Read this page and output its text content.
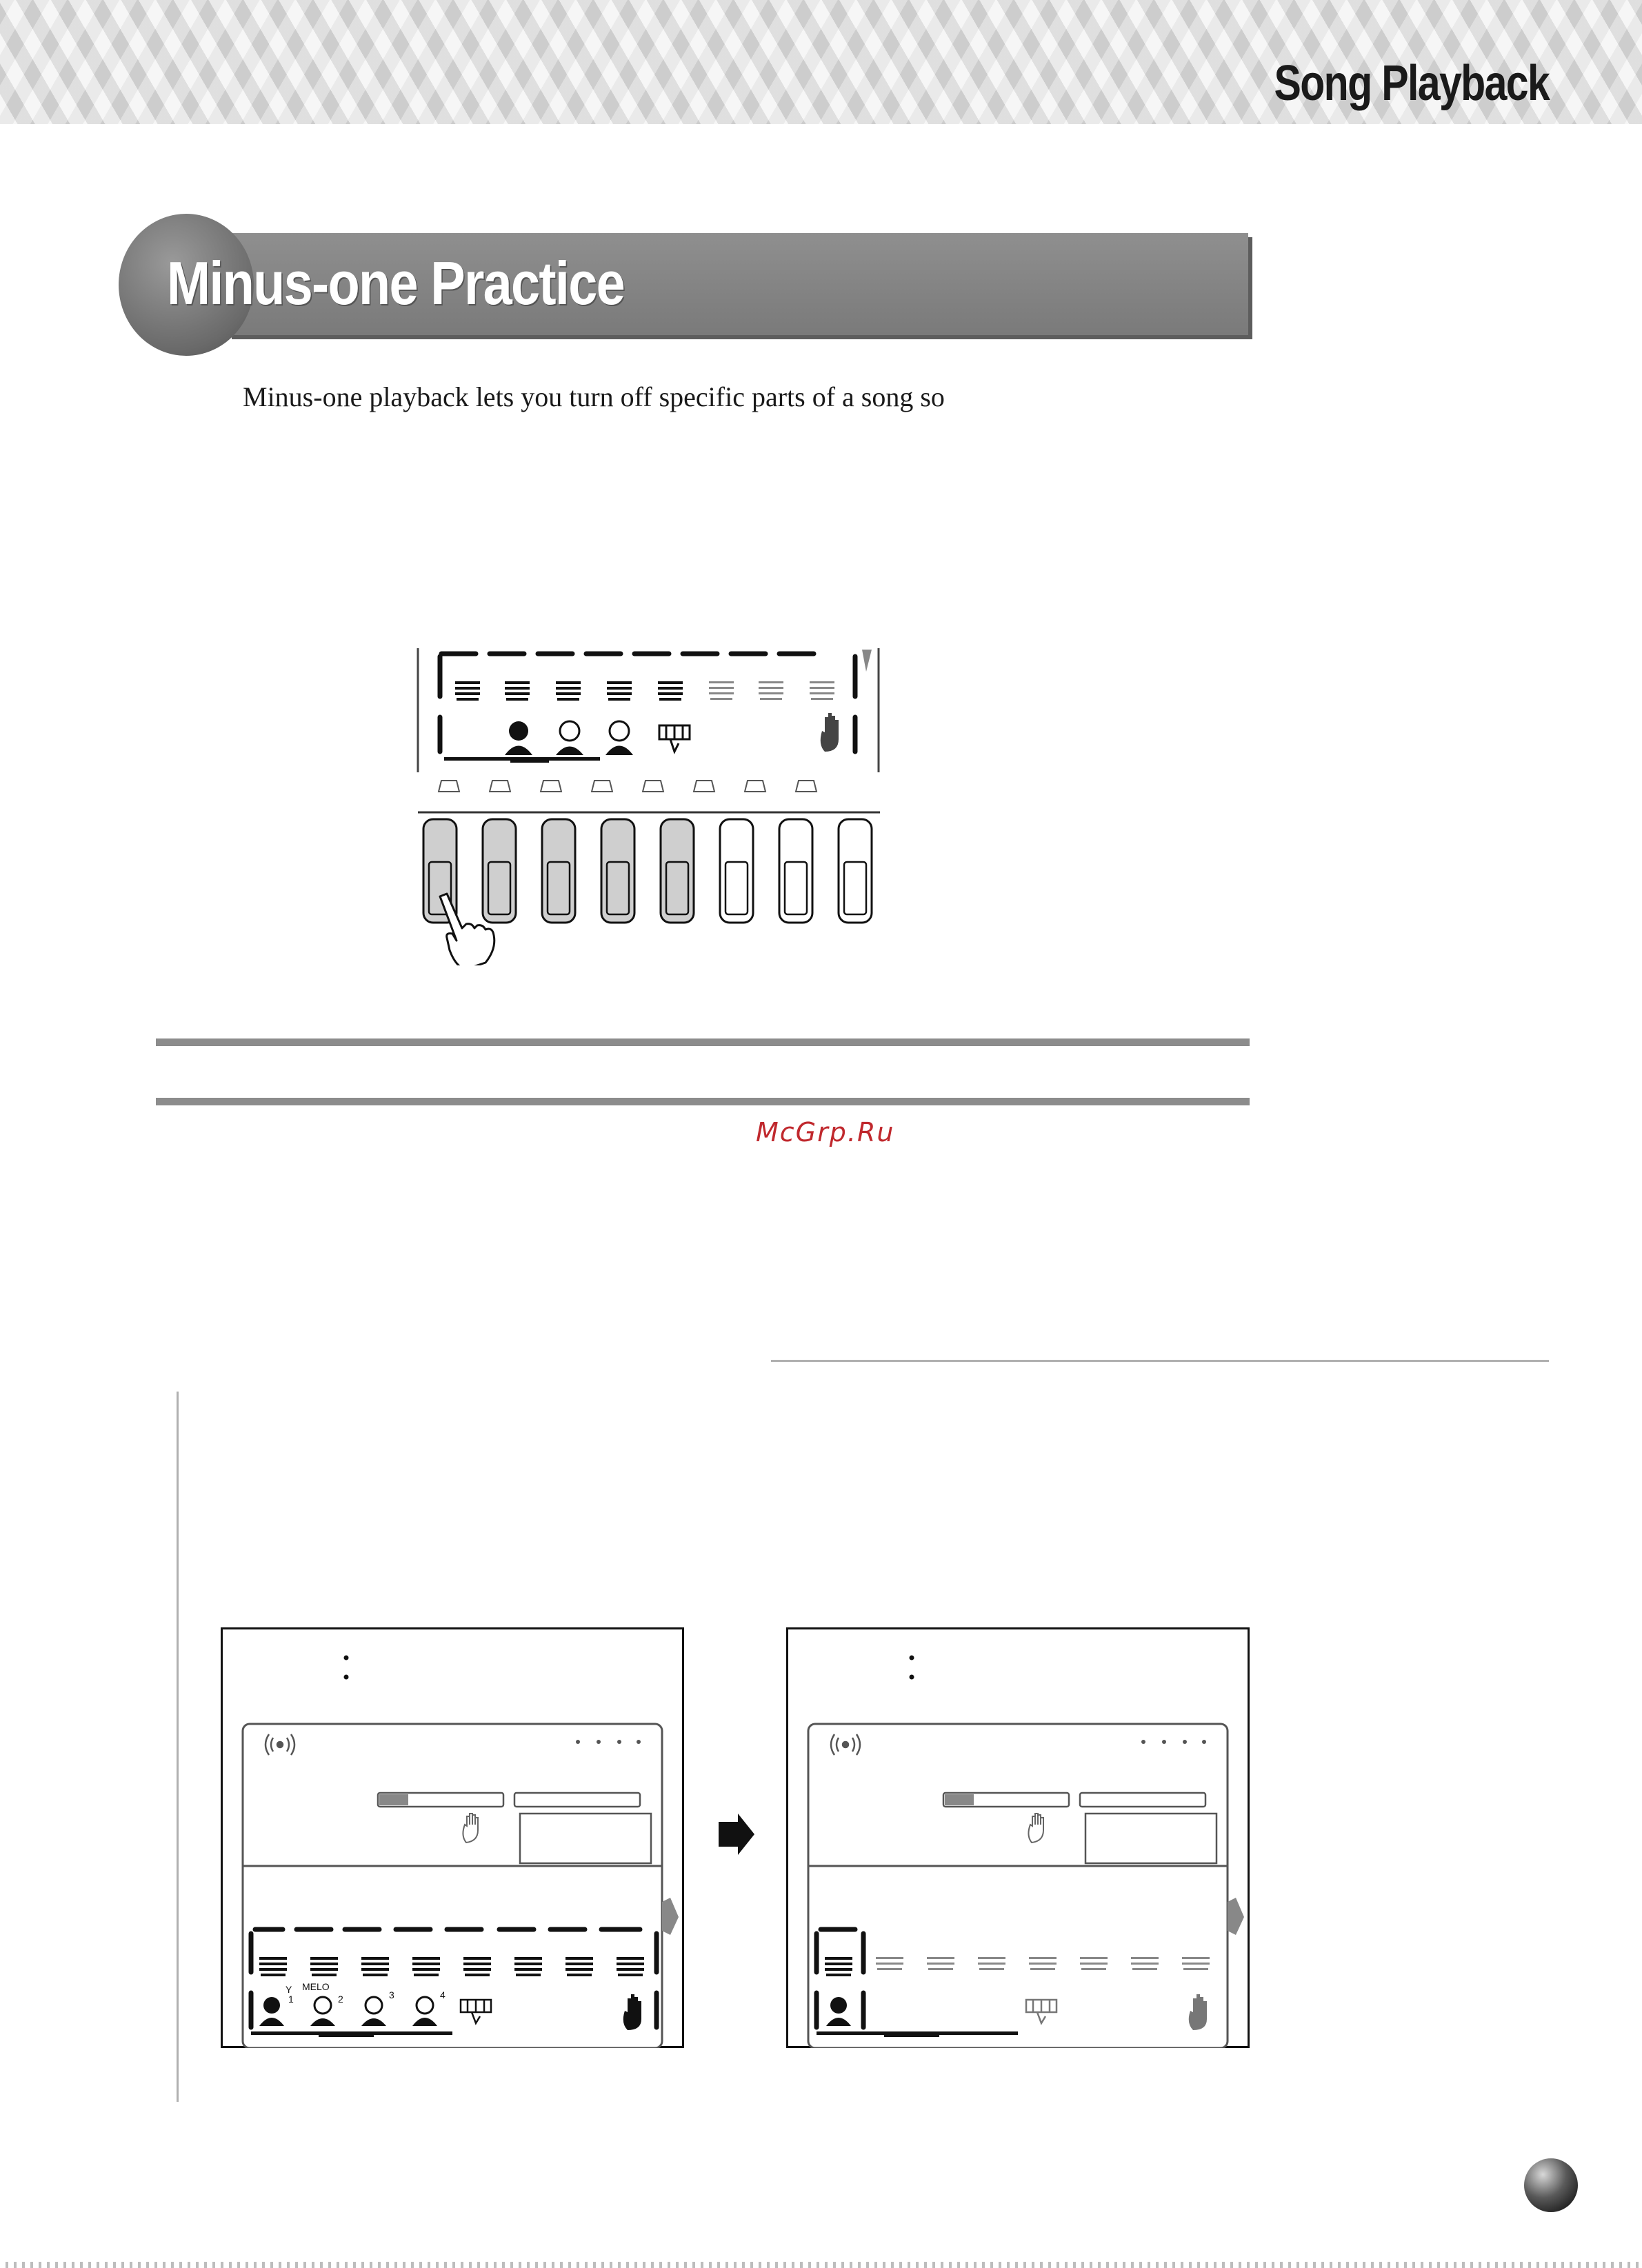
Song Playback
Minus-one Practice
Minus-one playback lets you turn off specific parts of a song so
McGrp.Ru
Y MELO
1	2	3	4
